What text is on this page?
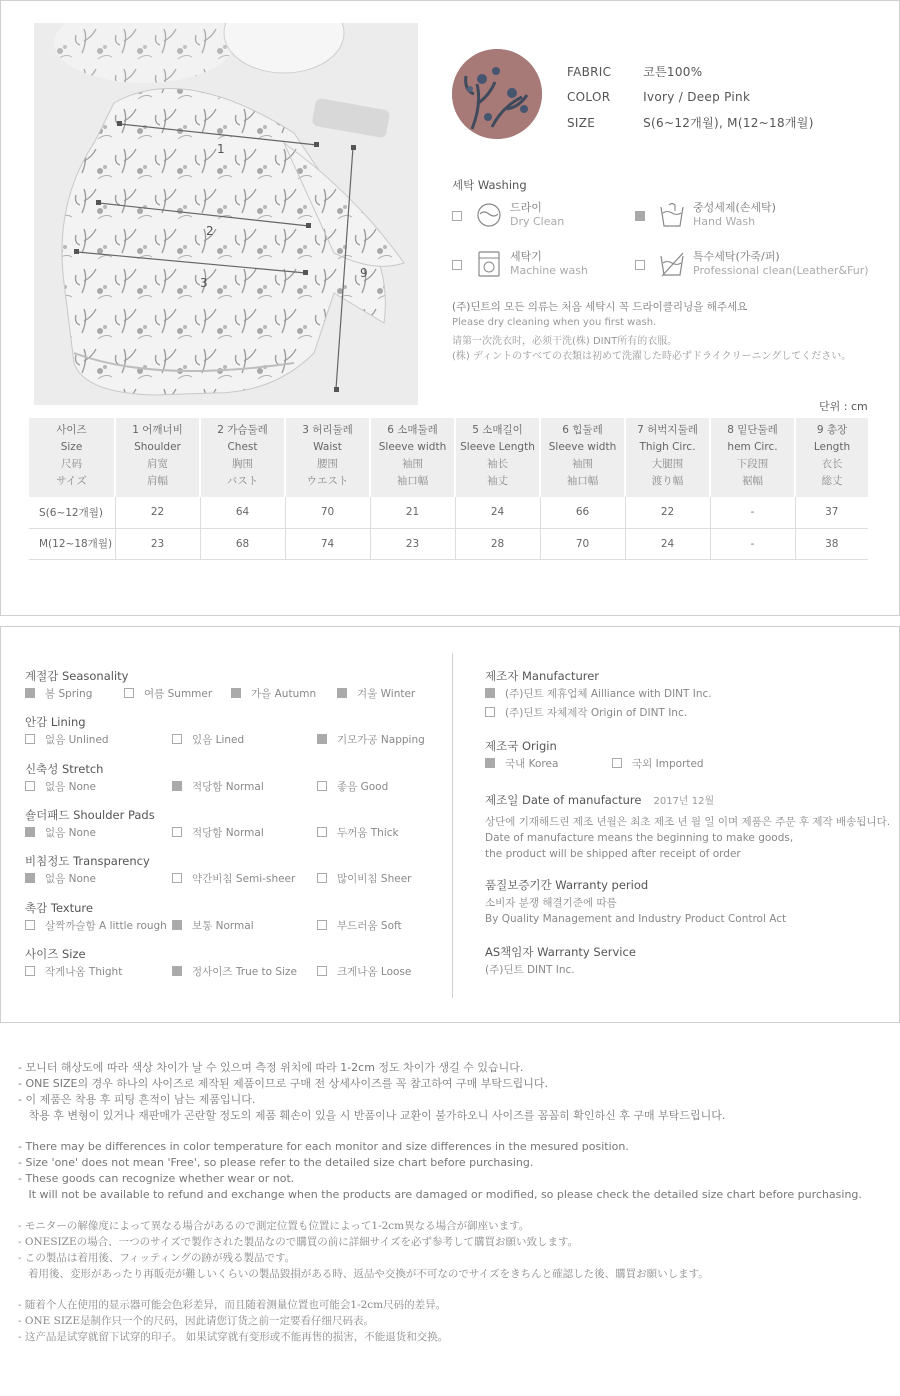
1
2
3
9
FABRIC	코튼100%
COLOR	Ivory / Deep Pink
SIZE	S(6~12개월), M(12~18개월)
세탁 Washing
드라이
Dry Clean
중성세제(손세탁)
Hand Wash
세탁기
Machine wash
특수세탁(가죽/퍼)
Professional clean(Leather&Fur)
(주)딘트의 모든 의류는 처음 세탁시 꼭 드라이클리닝을 해주세요
Please dry cleaning when you first wash.
请第一次洗衣时，必须干洗(株) DINT所有的衣服。
(株) ディントのすべての衣類は初めて洗濯した時必ずドライクリーニングしてください。
단위 : cm
사이즈
Size
尺码
サイズ	1 어깨너비
Shoulder
肩宽
肩幅	2 가슴둘레
Chest
胸围
バスト	3 허리둘레
Waist
腰围
ウエスト	6 소매둘레
Sleeve width
袖围
袖口幅	5 소매길이
Sleeve Length
袖长
袖丈	6 힙둘레
Sleeve width
袖围
袖口幅	7 허벅지둘레
Thigh Circ.
大腿围
渡り幅	8 밑단둘레
hem Circ.
下段围
裾幅	9 총장
Length
衣长
総丈

S(6~12개월)	22	64	70	21	24	66	22	-	37
M(12~18개월)	23	68	74	23	28	70	24	-	38
계절감 Seasonality
봄 Spring	여름 Summer	가을 Autumn	겨울 Winter
안감 Lining
없음 Unlined	있음 Lined	기모가공 Napping
신축성 Stretch
없음 None	적당함 Normal	좋음 Good
숄더패드 Shoulder Pads
없음 None	적당함 Normal	두꺼움 Thick
비침정도 Transparency
없음 None	약간비침 Semi-sheer	많이비침 Sheer
촉감 Texture
살짝까슬함 A little rough	보통 Normal	부드러움 Soft
사이즈 Size
작게나옴 Thight	정사이즈 True to Size	크게나옴 Loose
제조자 Manufacturer
(주)딘트 제휴업체 Ailliance with DINT Inc.
(주)딘트 자체제작 Origin of DINT Inc.
제조국 Origin
국내 Korea	국외 Imported
제조일 Date of manufacture 2017년 12월
상단에 기재해드린 제조 년월은 최초 제조 년 월 일 이며 제품은 주문 후 제작 배송됩니다.
Date of manufacture means the beginning to make goods,
the product will be shipped after receipt of order
품질보증기간 Warranty period
소비자 분쟁 해결기준에 따름
By Quality Management and Industry Product Control Act
AS책임자 Warranty Service
(주)딘트 DINT Inc.
- 모니터 해상도에 따라 색상 차이가 날 수 있으며 측정 위치에 따라 1-2cm 정도 차이가 생길 수 있습니다.
- ONE SIZE의 경우 하나의 사이즈로 제작된 제품이므로 구매 전 상세사이즈를 꼭 참고하여 구매 부탁드립니다.
- 이 제품은 착용 후 피팅 흔적이 남는 제품입니다.
착용 후 변형이 있거나 재판매가 곤란할 정도의 제품 훼손이 있을 시 반품이나 교환이 불가하오니 사이즈를 꼼꼼히 확인하신 후 구매 부탁드립니다.
- There may be differences in color temperature for each monitor and size differences in the mesured position.
- Size 'one' does not mean 'Free', so please refer to the detailed size chart before purchasing.
- These goods can recognize whether wear or not.
It will not be available to refund and exchange when the products are damaged or modified, so please check the detailed size chart before purchasing.
- モニターの解像度によって異なる場合があるので測定位置も位置によって1-2cm異なる場合が御座います。
- ONESIZEの場合、一つのサイズで製作された製品なので購買の前に詳細サイズを必ず参考して購買お願い致します。
- この製品は着用後、フィッティングの跡が残る製品です。
着用後、変形があったり再販売が難しいくらいの製品毀損がある時、返品や交換が不可なのでサイズをきちんと確認した後、購買お願いします。
- 随着个人在使用的显示器可能会色彩差异，而且随着测量位置也可能会1-2cm尺码的差异。
- ONE SIZE是制作只一个的尺码，因此请您订货之前一定要看仔细尺码表。
- 这产品是试穿就留下试穿的印子。 如果试穿就有变形或不能再售的损害，不能退货和交换。
